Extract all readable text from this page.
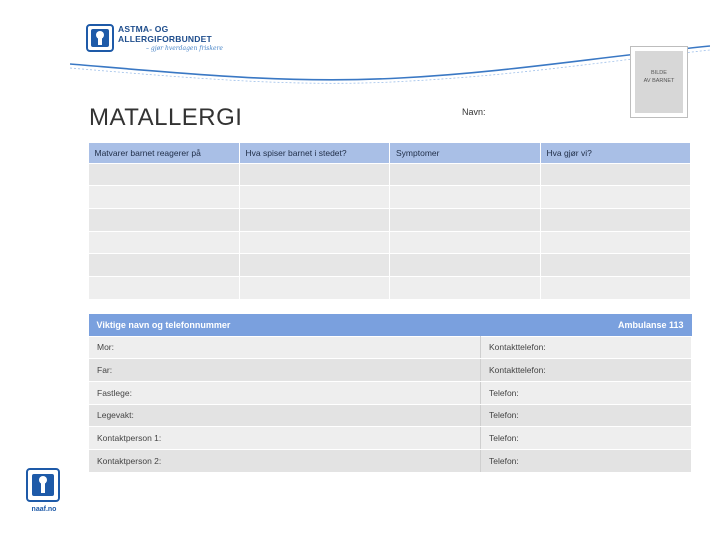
ASTMA- OG
ALLERGIFORBUNDET
– gjør hverdagen friskere
BILDE
AV BARNET
MATALLERGI	Navn:
Matvarer barnet reagerer på	Hva spiser barnet i stedet?	Symptomer	Hva gjør vi?

Viktige navn og telefonnummer	Ambulanse 113
Mor:	Kontakttelefon:
Far:	Kontakttelefon:
Fastlege:	Telefon:
Legevakt:	Telefon:
Kontaktperson 1:	Telefon:
Kontaktperson 2:	Telefon:
naaf.no
